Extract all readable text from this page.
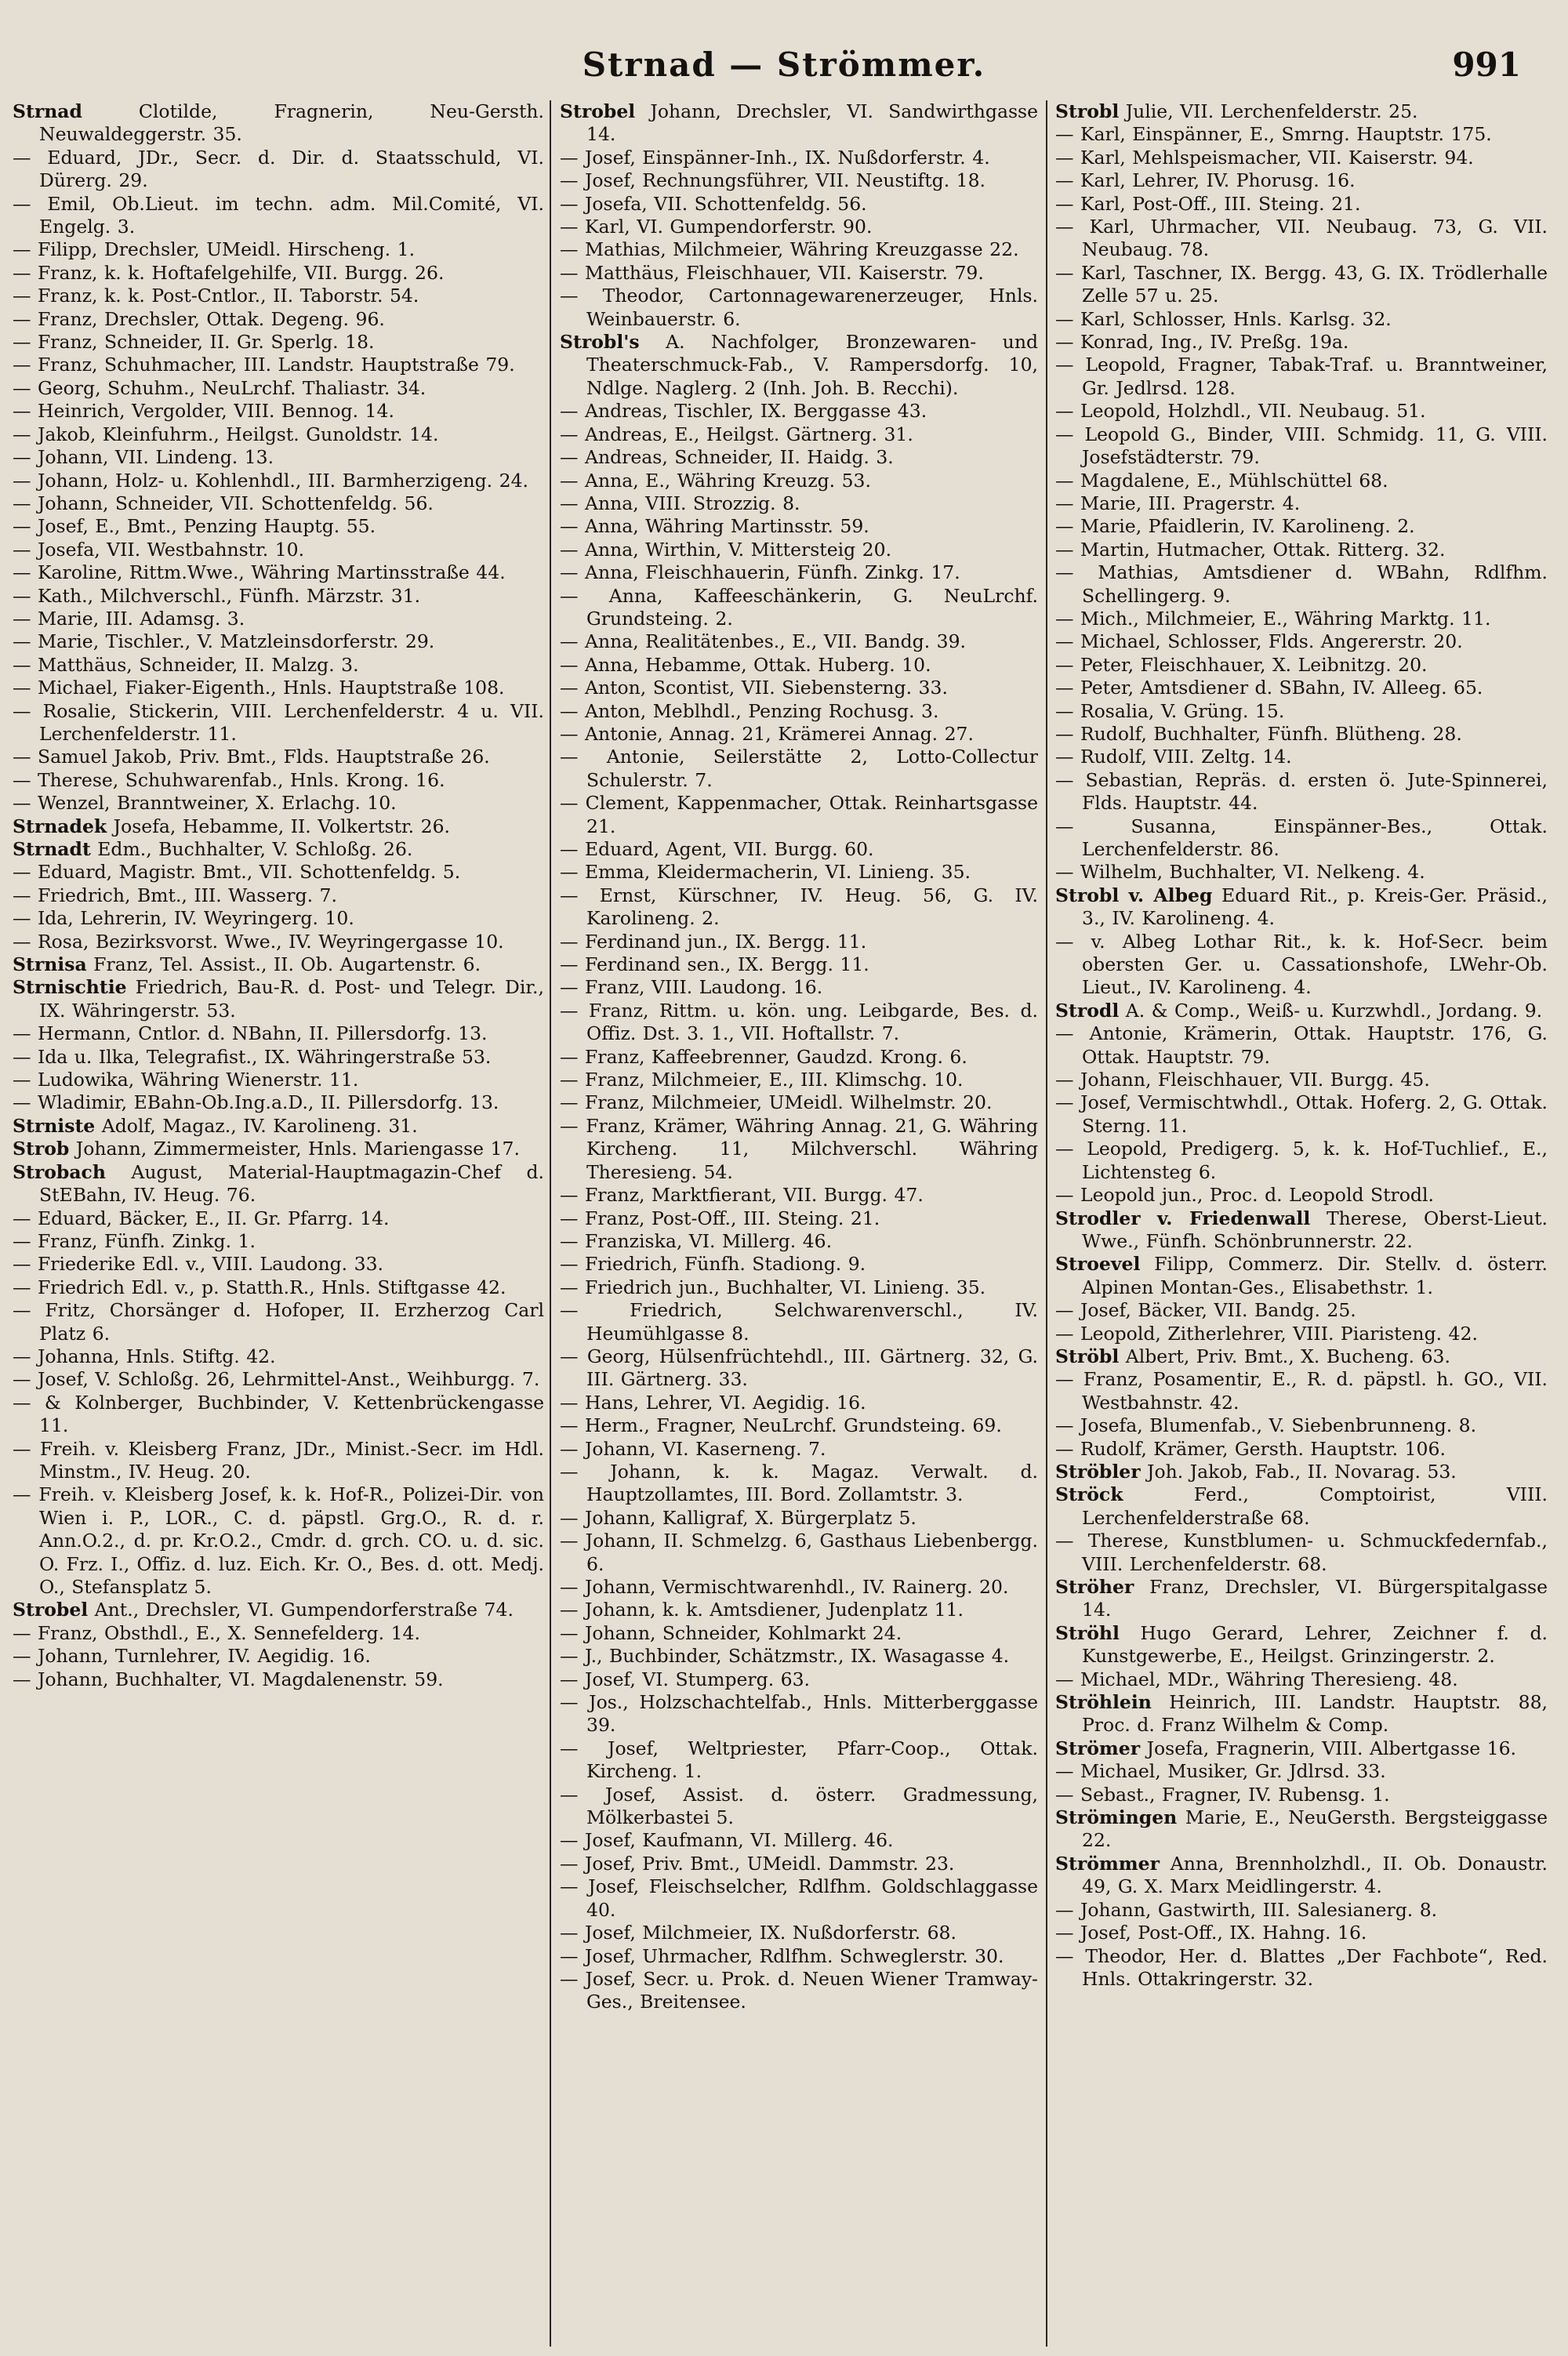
Strnad — Strömmer.	991
Strnad Clotilde, Fragnerin, Neu-Gersth. Neuwaldeggerstr. 35.
— Eduard, JDr., Secr. d. Dir. d. Staatsschuld, VI. Dürerg. 29.
— Emil, Ob.Lieut. im techn. adm. Mil.Comité, VI. Engelg. 3.
— Filipp, Drechsler, UMeidl. Hirscheng. 1.
— Franz, k. k. Hoftafelgehilfe, VII. Burgg. 26.
— Franz, k. k. Post-Cntlor., II. Taborstr. 54.
— Franz, Drechsler, Ottak. Degeng. 96.
— Franz, Schneider, II. Gr. Sperlg. 18.
— Franz, Schuhmacher, III. Landstr. Hauptstraße 79.
— Georg, Schuhm., NeuLrchf. Thaliastr. 34.
— Heinrich, Vergolder, VIII. Bennog. 14.
— Jakob, Kleinfuhrm., Heilgst. Gunoldstr. 14.
— Johann, VII. Lindeng. 13.
— Johann, Holz- u. Kohlenhdl., III. Barmherzigeng. 24.
— Johann, Schneider, VII. Schottenfeldg. 56.
— Josef, E., Bmt., Penzing Hauptg. 55.
— Josefa, VII. Westbahnstr. 10.
— Karoline, Rittm.Wwe., Währing Martinsstraße 44.
— Kath., Milchverschl., Fünfh. Märzstr. 31.
— Marie, III. Adamsg. 3.
— Marie, Tischler., V. Matzleinsdorferstr. 29.
— Matthäus, Schneider, II. Malzg. 3.
— Michael, Fiaker-Eigenth., Hnls. Hauptstraße 108.
— Rosalie, Stickerin, VIII. Lerchenfelderstr. 4 u. VII. Lerchenfelderstr. 11.
— Samuel Jakob, Priv. Bmt., Flds. Hauptstraße 26.
— Therese, Schuhwarenfab., Hnls. Krong. 16.
— Wenzel, Branntweiner, X. Erlachg. 10.
Strnadek Josefa, Hebamme, II. Volkertstr. 26.
Strnadt Edm., Buchhalter, V. Schloßg. 26.
— Eduard, Magistr. Bmt., VII. Schottenfeldg. 5.
— Friedrich, Bmt., III. Wasserg. 7.
— Ida, Lehrerin, IV. Weyringerg. 10.
— Rosa, Bezirksvorst. Wwe., IV. Weyringergasse 10.
Strnisa Franz, Tel. Assist., II. Ob. Augartenstr. 6.
Strnischtie Friedrich, Bau-R. d. Post- und Telegr. Dir., IX. Währingerstr. 53.
— Hermann, Cntlor. d. NBahn, II. Pillersdorfg. 13.
— Ida u. Ilka, Telegrafist., IX. Währingerstraße 53.
— Ludowika, Währing Wienerstr. 11.
— Wladimir, EBahn-Ob.Ing.a.D., II. Pillersdorfg. 13.
Strniste Adolf, Magaz., IV. Karolineng. 31.
Strob Johann, Zimmermeister, Hnls. Mariengasse 17.
Strobach August, Material-Hauptmagazin-Chef d. StEBahn, IV. Heug. 76.
— Eduard, Bäcker, E., II. Gr. Pfarrg. 14.
— Franz, Fünfh. Zinkg. 1.
— Friederike Edl. v., VIII. Laudong. 33.
— Friedrich Edl. v., p. Statth.R., Hnls. Stiftgasse 42.
— Fritz, Chorsänger d. Hofoper, II. Erzherzog Carl Platz 6.
— Johanna, Hnls. Stiftg. 42.
— Josef, V. Schloßg. 26, Lehrmittel-Anst., Weihburgg. 7.
— & Kolnberger, Buchbinder, V. Kettenbrückengasse 11.
— Freih. v. Kleisberg Franz, JDr., Minist.-Secr. im Hdl. Minstm., IV. Heug. 20.
— Freih. v. Kleisberg Josef, k. k. Hof-R., Polizei-Dir. von Wien i. P., LOR., C. d. päpstl. Grg.O., R. d. r. Ann.O.2., d. pr. Kr.O.2., Cmdr. d. grch. CO. u. d. sic. O. Frz. I., Offiz. d. luz. Eich. Kr. O., Bes. d. ott. Medj. O., Stefansplatz 5.
Strobel Ant., Drechsler, VI. Gumpendorferstraße 74.
— Franz, Obsthdl., E., X. Sennefelderg. 14.
— Johann, Turnlehrer, IV. Aegidig. 16.
— Johann, Buchhalter, VI. Magdalenenstr. 59.
Strobel Johann, Drechsler, VI. Sandwirthgasse 14.
— Josef, Einspänner-Inh., IX. Nußdorferstr. 4.
— Josef, Rechnungsführer, VII. Neustiftg. 18.
— Josefa, VII. Schottenfeldg. 56.
— Karl, VI. Gumpendorferstr. 90.
— Mathias, Milchmeier, Währing Kreuzgasse 22.
— Matthäus, Fleischhauer, VII. Kaiserstr. 79.
— Theodor, Cartonnagewarenerzeuger, Hnls. Weinbauerstr. 6.
Strobl's A. Nachfolger, Bronzewaren- und Theaterschmuck-Fab., V. Rampersdorfg. 10, Ndlge. Naglerg. 2 (Inh. Joh. B. Recchi).
— Andreas, Tischler, IX. Berggasse 43.
— Andreas, E., Heilgst. Gärtnerg. 31.
— Andreas, Schneider, II. Haidg. 3.
— Anna, E., Währing Kreuzg. 53.
— Anna, VIII. Strozzig. 8.
— Anna, Währing Martinsstr. 59.
— Anna, Wirthin, V. Mittersteig 20.
— Anna, Fleischhauerin, Fünfh. Zinkg. 17.
— Anna, Kaffeeschänkerin, G. NeuLrchf. Grundsteing. 2.
— Anna, Realitätenbes., E., VII. Bandg. 39.
— Anna, Hebamme, Ottak. Huberg. 10.
— Anton, Scontist, VII. Siebensterng. 33.
— Anton, Meblhdl., Penzing Rochusg. 3.
— Antonie, Annag. 21, Krämerei Annag. 27.
— Antonie, Seilerstätte 2, Lotto-Collectur Schulerstr. 7.
— Clement, Kappenmacher, Ottak. Reinhartsgasse 21.
— Eduard, Agent, VII. Burgg. 60.
— Emma, Kleidermacherin, VI. Linieng. 35.
— Ernst, Kürschner, IV. Heug. 56, G. IV. Karolineng. 2.
— Ferdinand jun., IX. Bergg. 11.
— Ferdinand sen., IX. Bergg. 11.
— Franz, VIII. Laudong. 16.
— Franz, Rittm. u. kön. ung. Leibgarde, Bes. d. Offiz. Dst. 3. 1., VII. Hoftallstr. 7.
— Franz, Kaffeebrenner, Gaudzd. Krong. 6.
— Franz, Milchmeier, E., III. Klimschg. 10.
— Franz, Milchmeier, UMeidl. Wilhelmstr. 20.
— Franz, Krämer, Währing Annag. 21, G. Währing Kircheng. 11, Milchverschl. Währing Theresieng. 54.
— Franz, Marktfierant, VII. Burgg. 47.
— Franz, Post-Off., III. Steing. 21.
— Franziska, VI. Millerg. 46.
— Friedrich, Fünfh. Stadiong. 9.
— Friedrich jun., Buchhalter, VI. Linieng. 35.
— Friedrich, Selchwarenverschl., IV. Heumühlgasse 8.
— Georg, Hülsenfrüchtehdl., III. Gärtnerg. 32, G. III. Gärtnerg. 33.
— Hans, Lehrer, VI. Aegidig. 16.
— Herm., Fragner, NeuLrchf. Grundsteing. 69.
— Johann, VI. Kaserneng. 7.
— Johann, k. k. Magaz. Verwalt. d. Hauptzollamtes, III. Bord. Zollamtstr. 3.
— Johann, Kalligraf, X. Bürgerplatz 5.
— Johann, II. Schmelzg. 6, Gasthaus Liebenbergg. 6.
— Johann, Vermischtwarenhdl., IV. Rainerg. 20.
— Johann, k. k. Amtsdiener, Judenplatz 11.
— Johann, Schneider, Kohlmarkt 24.
— J., Buchbinder, Schätzmstr., IX. Wasagasse 4.
— Josef, VI. Stumperg. 63.
— Jos., Holzschachtelfab., Hnls. Mitterberggasse 39.
— Josef, Weltpriester, Pfarr-Coop., Ottak. Kircheng. 1.
— Josef, Assist. d. österr. Gradmessung, Mölkerbastei 5.
— Josef, Kaufmann, VI. Millerg. 46.
— Josef, Priv. Bmt., UMeidl. Dammstr. 23.
— Josef, Fleischselcher, Rdlfhm. Goldschlaggasse 40.
— Josef, Milchmeier, IX. Nußdorferstr. 68.
— Josef, Uhrmacher, Rdlfhm. Schweglerstr. 30.
— Josef, Secr. u. Prok. d. Neuen Wiener Tramway-Ges., Breitensee.
Strobl Julie, VII. Lerchenfelderstr. 25.
— Karl, Einspänner, E., Smrng. Hauptstr. 175.
— Karl, Mehlspeismacher, VII. Kaiserstr. 94.
— Karl, Lehrer, IV. Phorusg. 16.
— Karl, Post-Off., III. Steing. 21.
— Karl, Uhrmacher, VII. Neubaug. 73, G. VII. Neubaug. 78.
— Karl, Taschner, IX. Bergg. 43, G. IX. Trödlerhalle Zelle 57 u. 25.
— Karl, Schlosser, Hnls. Karlsg. 32.
— Konrad, Ing., IV. Preßg. 19a.
— Leopold, Fragner, Tabak-Traf. u. Branntweiner, Gr. Jedlrsd. 128.
— Leopold, Holzhdl., VII. Neubaug. 51.
— Leopold G., Binder, VIII. Schmidg. 11, G. VIII. Josefstädterstr. 79.
— Magdalene, E., Mühlschüttel 68.
— Marie, III. Pragerstr. 4.
— Marie, Pfaidlerin, IV. Karolineng. 2.
— Martin, Hutmacher, Ottak. Ritterg. 32.
— Mathias, Amtsdiener d. WBahn, Rdlfhm. Schellingerg. 9.
— Mich., Milchmeier, E., Währing Marktg. 11.
— Michael, Schlosser, Flds. Angererstr. 20.
— Peter, Fleischhauer, X. Leibnitzg. 20.
— Peter, Amtsdiener d. SBahn, IV. Alleeg. 65.
— Rosalia, V. Grüng. 15.
— Rudolf, Buchhalter, Fünfh. Blütheng. 28.
— Rudolf, VIII. Zeltg. 14.
— Sebastian, Repräs. d. ersten ö. Jute-Spinnerei, Flds. Hauptstr. 44.
— Susanna, Einspänner-Bes., Ottak. Lerchenfelderstr. 86.
— Wilhelm, Buchhalter, VI. Nelkeng. 4.
Strobl v. Albeg Eduard Rit., p. Kreis-Ger. Präsid., 3., IV. Karolineng. 4.
— v. Albeg Lothar Rit., k. k. Hof-Secr. beim obersten Ger. u. Cassationshofe, LWehr-Ob. Lieut., IV. Karolineng. 4.
Strodl A. & Comp., Weiß- u. Kurzwhdl., Jordang. 9.
— Antonie, Krämerin, Ottak. Hauptstr. 176, G. Ottak. Hauptstr. 79.
— Johann, Fleischhauer, VII. Burgg. 45.
— Josef, Vermischtwhdl., Ottak. Hoferg. 2, G. Ottak. Sterng. 11.
— Leopold, Predigerg. 5, k. k. Hof-Tuchlief., E., Lichtensteg 6.
— Leopold jun., Proc. d. Leopold Strodl.
Strodler v. Friedenwall Therese, Oberst-Lieut. Wwe., Fünfh. Schönbrunnerstr. 22.
Stroevel Filipp, Commerz. Dir. Stellv. d. österr. Alpinen Montan-Ges., Elisabethstr. 1.
— Josef, Bäcker, VII. Bandg. 25.
— Leopold, Zitherlehrer, VIII. Piaristeng. 42.
Ströbl Albert, Priv. Bmt., X. Bucheng. 63.
— Franz, Posamentir, E., R. d. päpstl. h. GO., VII. Westbahnstr. 42.
— Josefa, Blumenfab., V. Siebenbrunneng. 8.
— Rudolf, Krämer, Gersth. Hauptstr. 106.
Ströbler Joh. Jakob, Fab., II. Novarag. 53.
Ströck Ferd., Comptoirist, VIII. Lerchenfelderstraße 68.
— Therese, Kunstblumen- u. Schmuckfedernfab., VIII. Lerchenfelderstr. 68.
Ströher Franz, Drechsler, VI. Bürgerspitalgasse 14.
Ströhl Hugo Gerard, Lehrer, Zeichner f. d. Kunstgewerbe, E., Heilgst. Grinzingerstr. 2.
— Michael, MDr., Währing Theresieng. 48.
Ströhlein Heinrich, III. Landstr. Hauptstr. 88, Proc. d. Franz Wilhelm & Comp.
Strömer Josefa, Fragnerin, VIII. Albertgasse 16.
— Michael, Musiker, Gr. Jdlrsd. 33.
— Sebast., Fragner, IV. Rubensg. 1.
Strömingen Marie, E., NeuGersth. Bergsteiggasse 22.
Strömmer Anna, Brennholzhdl., II. Ob. Donaustr. 49, G. X. Marx Meidlingerstr. 4.
— Johann, Gastwirth, III. Salesianerg. 8.
— Josef, Post-Off., IX. Hahng. 16.
— Theodor, Her. d. Blattes „Der Fachbote“, Red. Hnls. Ottakringerstr. 32.
